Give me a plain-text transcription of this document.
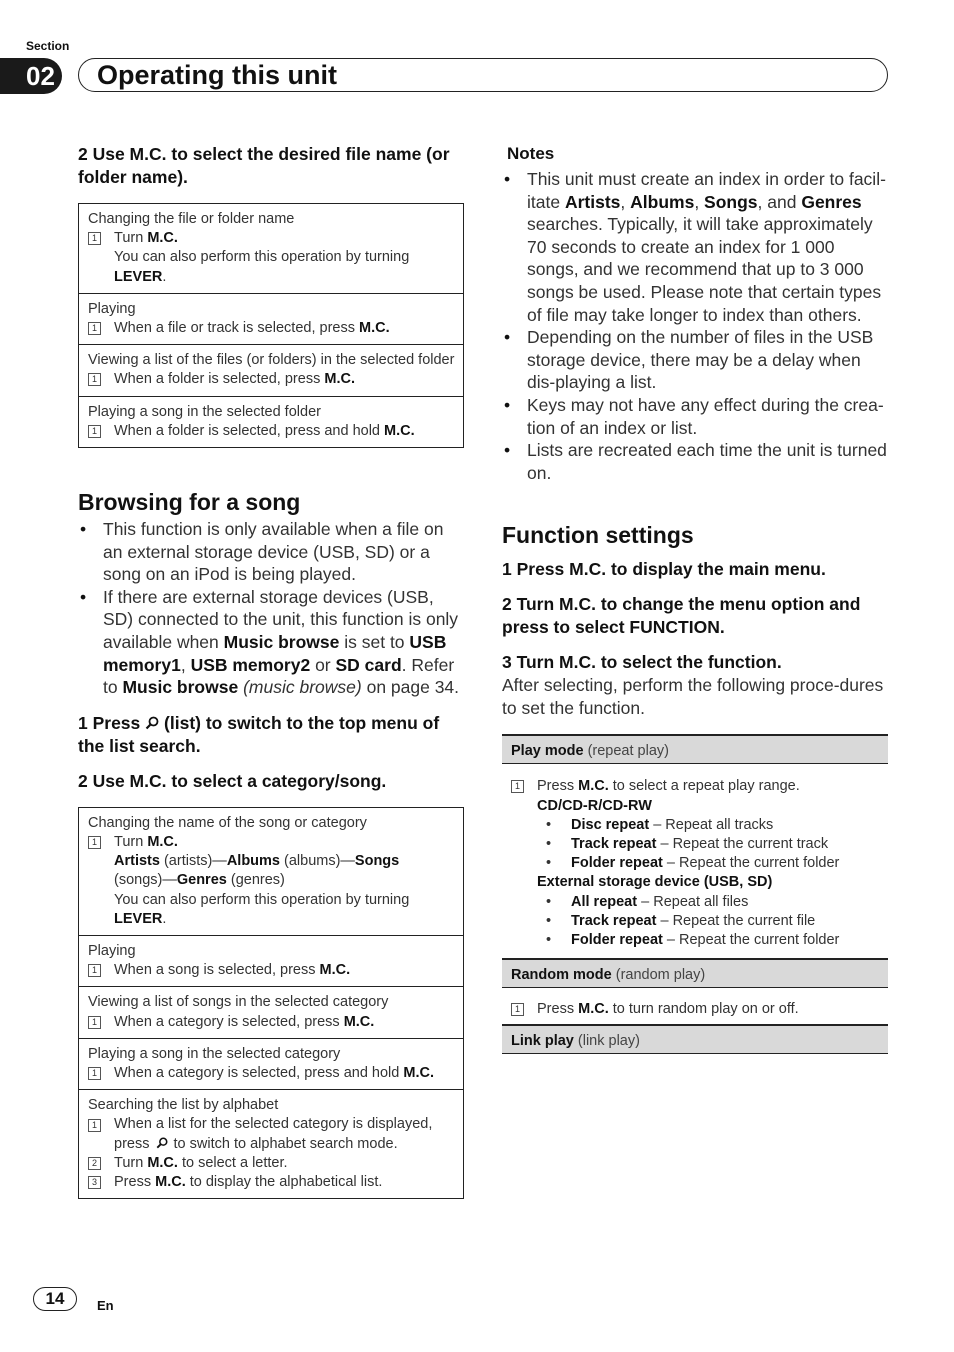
Section
02 Operating this unit

2 Use M.C. to select the desired file name (or folder name).

Changing the file or folder name
1 Turn M.C.
You can also perform this operation by turning LEVER.
Playing
1 When a file or track is selected, press M.C.
Viewing a list of the files (or folders) in the selected folder
1 When a folder is selected, press M.C.
Playing a song in the selected folder
1 When a folder is selected, press and hold M.C.
Browsing for a song
• This function is only available when a file on an external storage device (USB, SD) or a song on an iPod is being played.
• If there are external storage devices (USB, SD) connected to the unit, this function is only available when Music browse is set to USB memory1, USB memory2 or SD card. Refer to Music browse (music browse) on page 34.

1 Press (list) to switch to the top menu of the list search.

2 Use M.C. to select a category/song.

Changing the name of the song or category
1 Turn M.C.
Artists (artists)—Albums (albums)—Songs
(songs)—Genres (genres)
You can also perform this operation by turning LEVER.
Playing
1 When a song is selected, press M.C.
Viewing a list of songs in the selected category
1 When a category is selected, press M.C.
Playing a song in the selected category
1 When a category is selected, press and hold M.C.
Searching the list by alphabet
1 When a list for the selected category is displayed, press to switch to alphabet search mode.
2 Turn M.C. to select a letter.
3 Press M.C. to display the alphabetical list.
Notes
• This unit must create an index in order to facil-itate Artists, Albums, Songs, and Genres searches. Typically, it will take approximately 70 seconds to create an index for 1 000 songs, and we recommend that up to 3 000 songs be used. Please note that certain types of file may take longer to index than others.
• Depending on the number of files in the USB storage device, there may be a delay when dis-playing a list.
• Keys may not have any effect during the crea-tion of an index or list.
• Lists are recreated each time the unit is turned on.
Function settings

1 Press M.C. to display the main menu.

2 Turn M.C. to change the menu option and press to select FUNCTION.

3 Turn M.C. to select the function.

After selecting, perform the following proce-dures to set the function.
Play mode (repeat play)
1 Press M.C. to select a repeat play range.
CD/CD-R/CD-RW
•	Disc repeat – Repeat all tracks
•	Track repeat – Repeat the current track
•	Folder repeat – Repeat the current folder
External storage device (USB, SD)
•	All repeat – Repeat all files
•	Track repeat – Repeat the current file
•	Folder repeat – Repeat the current folder
Random mode (random play)
1 Press M.C. to turn random play on or off.
Link play (link play)
14	En
